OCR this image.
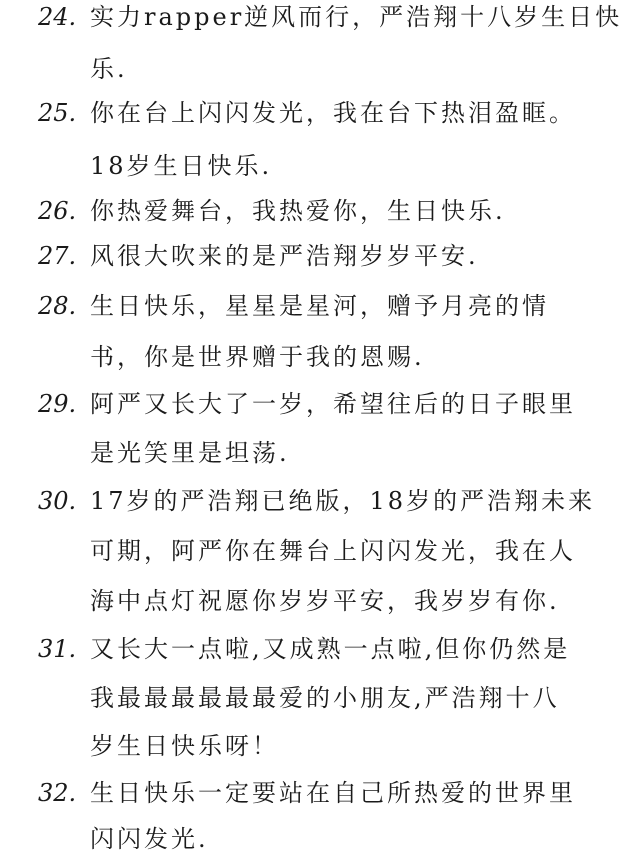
24. 实力rapper逆风而行，严浩翔十八岁生日快
乐.
25. 你在台上闪闪发光，我在台下热泪盈眶。
18岁生日快乐.
26. 你热爱舞台，我热爱你，生日快乐.
27. 风很大吹来的是严浩翔岁岁平安.
28. 生日快乐，星星是星河，赠予月亮的情
书，你是世界赠于我的恩赐.
29. 阿严又长大了一岁，希望往后的日子眼里
是光笑里是坦荡.
30. 17岁的严浩翔已绝版，18岁的严浩翔未来
可期，阿严你在舞台上闪闪发光，我在人
海中点灯祝愿你岁岁平安，我岁岁有你.
31. 又长大一点啦,又成熟一点啦,但你仍然是
我最最最最最最爱的小朋友,严浩翔十八
岁生日快乐呀！
32. 生日快乐一定要站在自己所热爱的世界里
闪闪发光.
